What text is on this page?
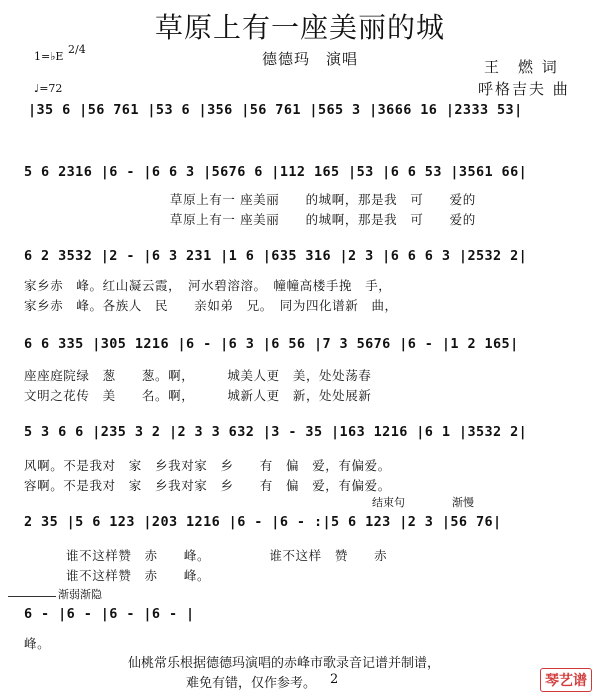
草原上有一座美丽的城
德德玛　演唱	王　燃 词
呼格吉夫 曲
1=♭E
2/4
♩=72
|35 6 |56 761 |53 6 |356 |56 761 |565 3 |3666 16 |2333 53|
5 6 2316 |6 - |6 6 3 |5676 6 |112 165 |53 |6 6 53 |3561 66|
草原上有一 座美丽　　的城啊，那是我　可　　爱的
草原上有一 座美丽　　的城啊，那是我　可　　爱的
6 2 3532 |2 - |6 3 231 |1 6 |635 316 |2 3 |6 6 6 3 |2532 2|
家乡赤　峰。红山凝云霞，　河水碧溶溶。　幢幢高楼手挽　手，
家乡赤　峰。各族人　民　　亲如弟　兄。　同为四化谱新　曲，
6 6 335 |305 1216 |6 - |6 3 |6 56 |7 3 5676 |6 - |1 2 165|
座座庭院绿　葱　　葱。啊，　　　城美人更　美，处处荡春
文明之花传　美　　名。啊，　　　城新人更　新，处处展新
5 3 6 6 |235 3 2 |2 3 3 632 |3 - 35 |163 1216 |6 1 |3532 2|
风啊。不是我对　家　乡我对家　乡　　有　偏　爱，有偏爱。
容啊。不是我对　家　乡我对家　乡　　有　偏　爱，有偏爱。
结束句	渐慢
2 35 |5 6 123 |203 1216 |6 - |6 - :|5 6 123 |2 3 |56 76|
谁不这样赞　赤　　峰。　　　　　谁不这样　赞　　赤
谁不这样赞　赤　　峰。
渐弱渐隐
6 - |6 - |6 - |6 - |
峰。
仙桃常乐根据德德玛演唱的赤峰市歌录音记谱并制谱，
难免有错，仅作参考。 2	琴艺谱
